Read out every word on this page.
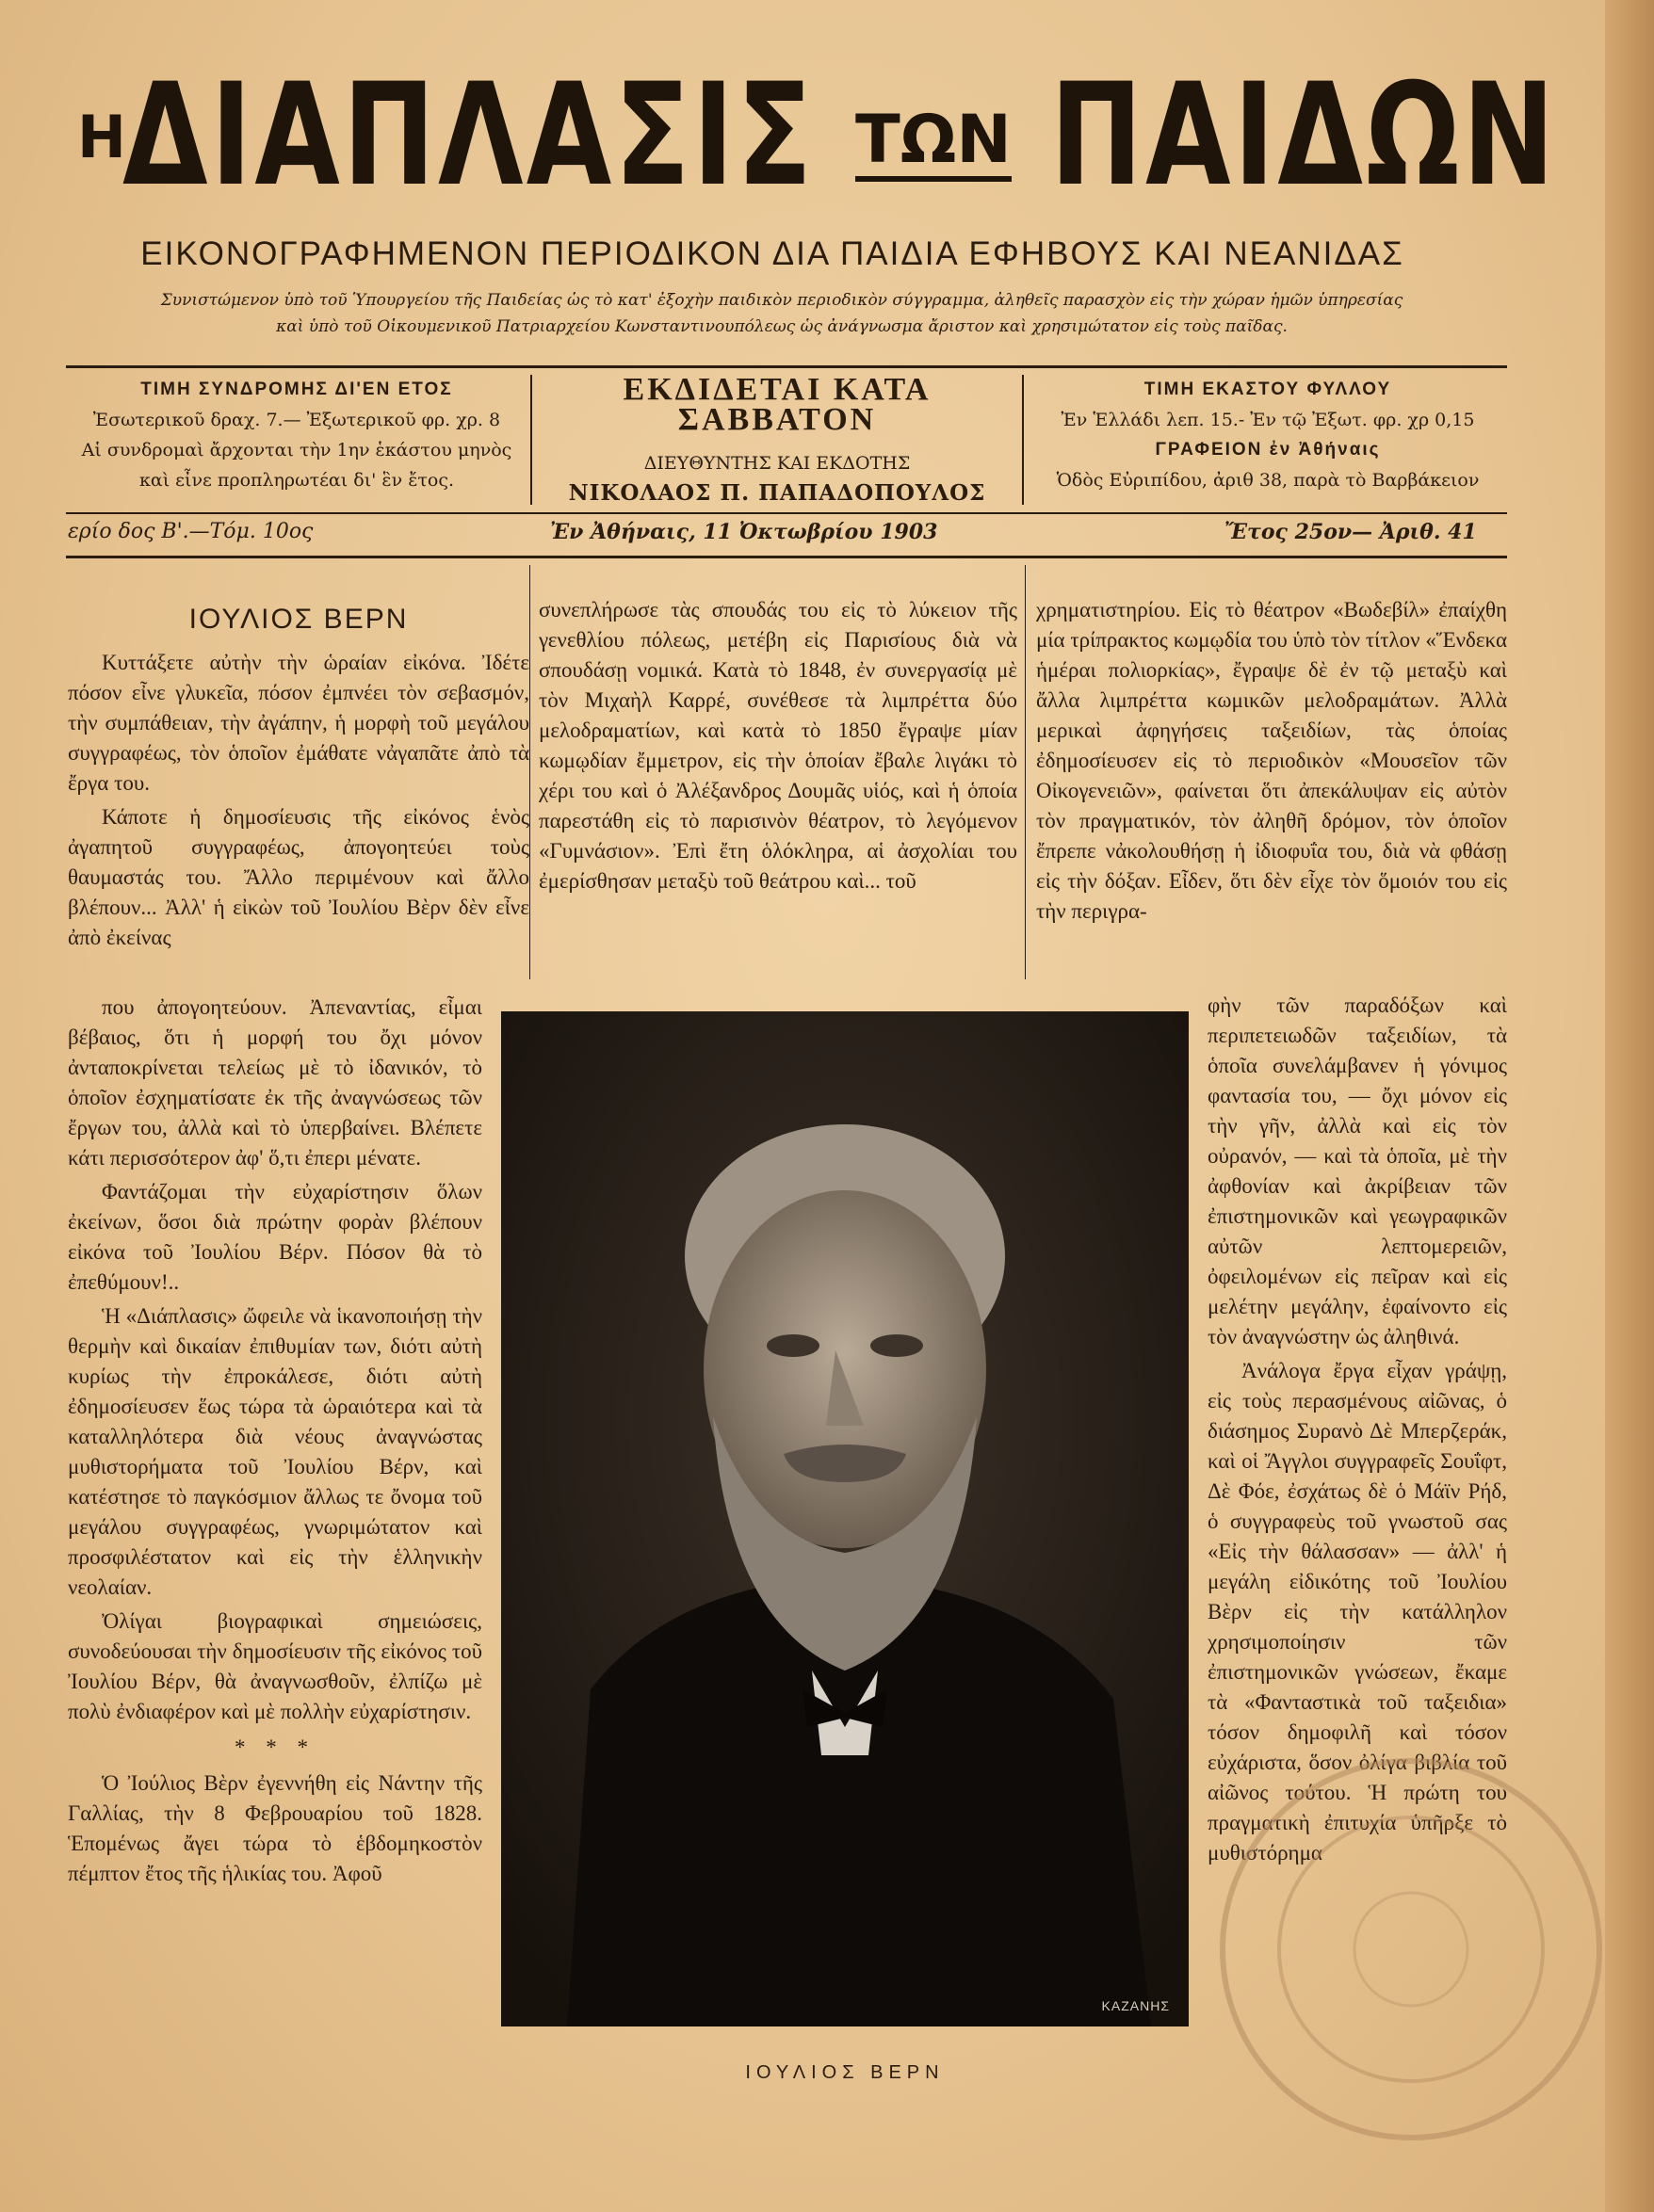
Η
ΔΙΑΠΛΑΣΙΣ ΤΩΝ ΠΑΙΔΩΝ
ΕΙΚΟΝΟΓΡΑΦΗΜΕΝΟΝ ΠΕΡΙΟΔΙΚΟΝ ΔΙΑ ΠΑΙΔΙΑ ΕΦΗΒΟΥΣ ΚΑΙ ΝΕΑΝΙΔΑΣ
Συνιστώμενον ὑπὸ τοῦ Ὑπουργείου τῆς Παιδείας ὡς τὸ κατ' ἐξοχὴν παιδικὸν περιοδικὸν σύγγραμμα, ἀληθεῖς παρασχὸν εἰς τὴν χώραν ἡμῶν ὑπηρεσίας
καὶ ὑπὸ τοῦ Οἰκουμενικοῦ Πατριαρχείου Κωνσταντινουπόλεως ὡς ἀνάγνωσμα ἄριστον καὶ χρησιμώτατον εἰς τοὺς παῖδας.
ΤΙΜΗ ΣΥΝΔΡΟΜΗΣ ΔΙ'ΕΝ ΕΤΟΣ
Ἐσωτερικοῦ δραχ. 7.— Ἐξωτερικοῦ φρ. χρ. 8
Αἱ συνδρομαὶ ἄρχονται τὴν 1ην ἑκάστου μηνὸς
καὶ εἶνε προπληρωτέαι δι' ἓν ἔτος.
ΕΚΔΙΔΕΤΑΙ ΚΑΤΑ ΣΑΒΒΑΤΟΝ
ΔΙΕΥΘΥΝΤΗΣ ΚΑΙ ΕΚΔΟΤΗΣ
ΝΙΚΟΛΑΟΣ Π. ΠΑΠΑΔΟΠΟΥΛΟΣ
ΤΙΜΗ ΕΚΑΣΤΟΥ ΦΥΛΛΟΥ
Ἐν Ἑλλάδι λεπ. 15.- Ἐν τῷ Ἐξωτ. φρ. χρ 0,15
ΓΡΑΦΕΙΟΝ ἐν Ἀθήναις
Ὁδὸς Εὐριπίδου, ἀριθ 38, παρὰ τὸ Βαρβάκειον
ερίο δος Β'.—Τόμ. 10ος	Ἐν Ἀθήναις, 11 Ὀκτωβρίου 1903	Ἔτος 25ον— Ἀριθ. 41
ΙΟΥΛΙΟΣ ΒΕΡΝ

Κυττάξετε αὐτὴν τὴν ὡραίαν εἰκόνα. Ἰδέτε πόσον εἶνε γλυκεῖα, πόσον ἐμπνέει τὸν σεβασμόν, τὴν συμπάθειαν, τὴν ἀγάπην, ἡ μορφὴ τοῦ μεγάλου συγγραφέως, τὸν ὁποῖον ἐμάθατε νἀγαπᾶτε ἀπὸ τὰ ἔργα του.

Κάποτε ἡ δημοσίευσις τῆς εἰκόνος ἑνὸς ἀγαπητοῦ συγγραφέως, ἀπογοητεύει τοὺς θαυμαστάς του. Ἄλλο περιμένουν καὶ ἄλλο βλέπουν... Ἀλλ' ἡ εἰκὼν τοῦ Ἰουλίου Βὲρν δὲν εἶνε ἀπὸ ἐκείνας

που ἀπογοητεύουν. Ἀπεναντίας, εἶμαι βέβαιος, ὅτι ἡ μορφή του ὄχι μόνον ἀνταποκρίνεται τελείως μὲ τὸ ἰδανικόν, τὸ ὁποῖον ἐσχηματίσατε ἐκ τῆς ἀναγνώσεως τῶν ἔργων του, ἀλλὰ καὶ τὸ ὑπερβαίνει. Βλέπετε κάτι περισσότερον ἀφ' ὅ,τι ἐπερι μένατε.

Φαντάζομαι τὴν εὐχαρίστησιν ὅλων ἐκείνων, ὅσοι διὰ πρώτην φορὰν βλέπουν εἰκόνα τοῦ Ἰουλίου Βέρν. Πόσον θὰ τὸ ἐπεθύμουν!..

Ἡ «Διάπλασις» ὤφειλε νὰ ἱκανοποιήσῃ τὴν θερμὴν καὶ δικαίαν ἐπιθυμίαν των, διότι αὐτὴ κυρίως τὴν ἐπροκάλεσε, διότι αὐτὴ ἐδημοσίευσεν ἕως τώρα τὰ ὡραιότερα καὶ τὰ καταλληλότερα διὰ νέους ἀναγνώστας μυθιστορήματα τοῦ Ἰουλίου Βέρν, καὶ κατέστησε τὸ παγκόσμιον ἄλλως τε ὄνομα τοῦ μεγάλου συγγραφέως, γνωριμώτατον καὶ προσφιλέστατον καὶ εἰς τὴν ἑλληνικὴν νεολαίαν.

Ὀλίγαι βιογραφικαὶ σημειώσεις, συνοδεύουσαι τὴν δημοσίευσιν τῆς εἰκόνος τοῦ Ἰουλίου Βέρν, θὰ ἀναγνωσθοῦν, ἐλπίζω μὲ πολὺ ἐνδιαφέρον καὶ μὲ πολλὴν εὐχαρίστησιν.

* * *

Ὁ Ἰούλιος Βὲρν ἐγεννήθη εἰς Νάντην τῆς Γαλλίας, τὴν 8 Φεβρουαρίου τοῦ 1828. Ἑπομένως ἄγει τώρα τὸ ἑβδομηκοστὸν πέμπτον ἔτος τῆς ἡλικίας του. Ἀφοῦ

συνεπλήρωσε τὰς σπουδάς του εἰς τὸ λύκειον τῆς γενεθλίου πόλεως, μετέβη εἰς Παρισίους διὰ νὰ σπουδάσῃ νομικά. Κατὰ τὸ 1848, ἐν συνεργασίᾳ μὲ τὸν Μιχαὴλ Καρρέ, συνέθεσε τὰ λιμπρέττα δύο μελοδραματίων, καὶ κατὰ τὸ 1850 ἔγραψε μίαν κωμῳδίαν ἔμμετρον, εἰς τὴν ὁποίαν ἔβαλε λιγάκι τὸ χέρι του καὶ ὁ Ἀλέξανδρος Δουμᾶς υἱός, καὶ ἡ ὁποία παρεστάθη εἰς τὸ παρισινὸν θέατρον, τὸ λεγόμενον «Γυμνάσιον». Ἐπὶ ἔτη ὁλόκληρα, αἱ ἀσχολίαι του ἐμερίσθησαν μεταξὺ τοῦ θεάτρου καὶ... τοῦ

χρηματιστηρίου. Εἰς τὸ θέατρον «Βωδεβίλ» ἐπαίχθη μία τρίπρακτος κωμῳδία του ὑπὸ τὸν τίτλον «Ἕνδεκα ἡμέραι πολιορκίας», ἔγραψε δὲ ἐν τῷ μεταξὺ καὶ ἄλλα λιμπρέττα κωμικῶν μελοδραμάτων. Ἀλλὰ μερικαὶ ἀφηγήσεις ταξειδίων, τὰς ὁποίας ἐδημοσίευσεν εἰς τὸ περιοδικὸν «Μουσεῖον τῶν Οἰκογενειῶν», φαίνεται ὅτι ἀπεκάλυψαν εἰς αὐτὸν τὸν πραγματικόν, τὸν ἀληθῆ δρόμον, τὸν ὁποῖον ἔπρεπε νἀκολουθήσῃ ἡ ἰδιοφυΐα του, διὰ νὰ φθάσῃ εἰς τὴν δόξαν. Εἶδεν, ὅτι δὲν εἶχε τὸν ὅμοιόν του εἰς τὴν περιγρα-

φὴν τῶν παραδόξων καὶ περιπετειωδῶν ταξειδίων, τὰ ὁποῖα συνελάμβανεν ἡ γόνιμος φαντασία του, — ὄχι μόνον εἰς τὴν γῆν, ἀλλὰ καὶ εἰς τὸν οὐρανόν, — καὶ τὰ ὁποῖα, μὲ τὴν ἀφθονίαν καὶ ἀκρίβειαν τῶν ἐπιστημονικῶν καὶ γεωγραφικῶν αὐτῶν λεπτομερειῶν, ὀφειλομένων εἰς πεῖραν καὶ εἰς μελέτην μεγάλην, ἐφαίνοντο εἰς τὸν ἀναγνώστην ὡς ἀληθινά.

Ἀνάλογα ἔργα εἶχαν γράψῃ, εἰς τοὺς περασμένους αἰῶνας, ὁ διάσημος Συρανὸ Δὲ Μπερζεράκ, καὶ οἱ Ἄγγλοι συγγραφεῖς Σουΐφτ, Δὲ Φόε, ἐσχάτως δὲ ὁ Μάϊν Ρήδ, ὁ συγγραφεὺς τοῦ γνωστοῦ σας «Εἰς τὴν θάλασσαν» — ἀλλ' ἡ μεγάλη εἰδικότης τοῦ Ἰουλίου Βὲρν εἰς τὴν κατάλληλον χρησιμοποίησιν τῶν ἐπιστημονικῶν γνώσεων, ἔκαμε τὰ «Φανταστικὰ τοῦ ταξειδια» τόσον δημοφιλῆ καὶ τόσον εὐχάριστα, ὅσον ὀλίγα βιβλία τοῦ αἰῶνος τούτου. Ἡ πρώτη του πραγματικὴ ἐπιτυχία ὑπῆρξε τὸ μυθιστόρημα

ΚΑΖΑΝΗΣ
ΙΟΥΛΙΟΣ ΒΕΡΝ
